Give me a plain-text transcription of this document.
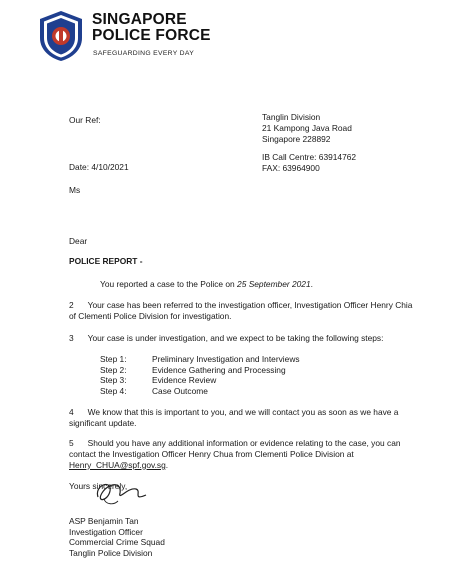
SINGAPORE
POLICE FORCE
SAFEGUARDING EVERY DAY
Our Ref:
Date: 4/10/2021
Ms
Tanglin Division
21 Kampong Java Road
Singapore 228892
IB Call Centre: 63914762
FAX: 63964900
Dear
POLICE REPORT -
You reported a case to the Police on 25 September 2021.
2 Your case has been referred to the investigation officer, Investigation Officer Henry Chia of Clementi Police Division for investigation.
3 Your case is under investigation, and we expect to be taking the following steps:
Step 1:	Preliminary Investigation and Interviews
Step 2:	Evidence Gathering and Processing
Step 3:	Evidence Review
Step 4:	Case Outcome
4 We know that this is important to you, and we will contact you as soon as we have a significant update.
5 Should you have any additional information or evidence relating to the case, you can contact the Investigation Officer Henry Chua from Clementi Police Division at Henry_CHUA@spf.gov.sg.
Yours sincerely,
ASP Benjamin Tan
Investigation Officer
Commercial Crime Squad
Tanglin Police Division
